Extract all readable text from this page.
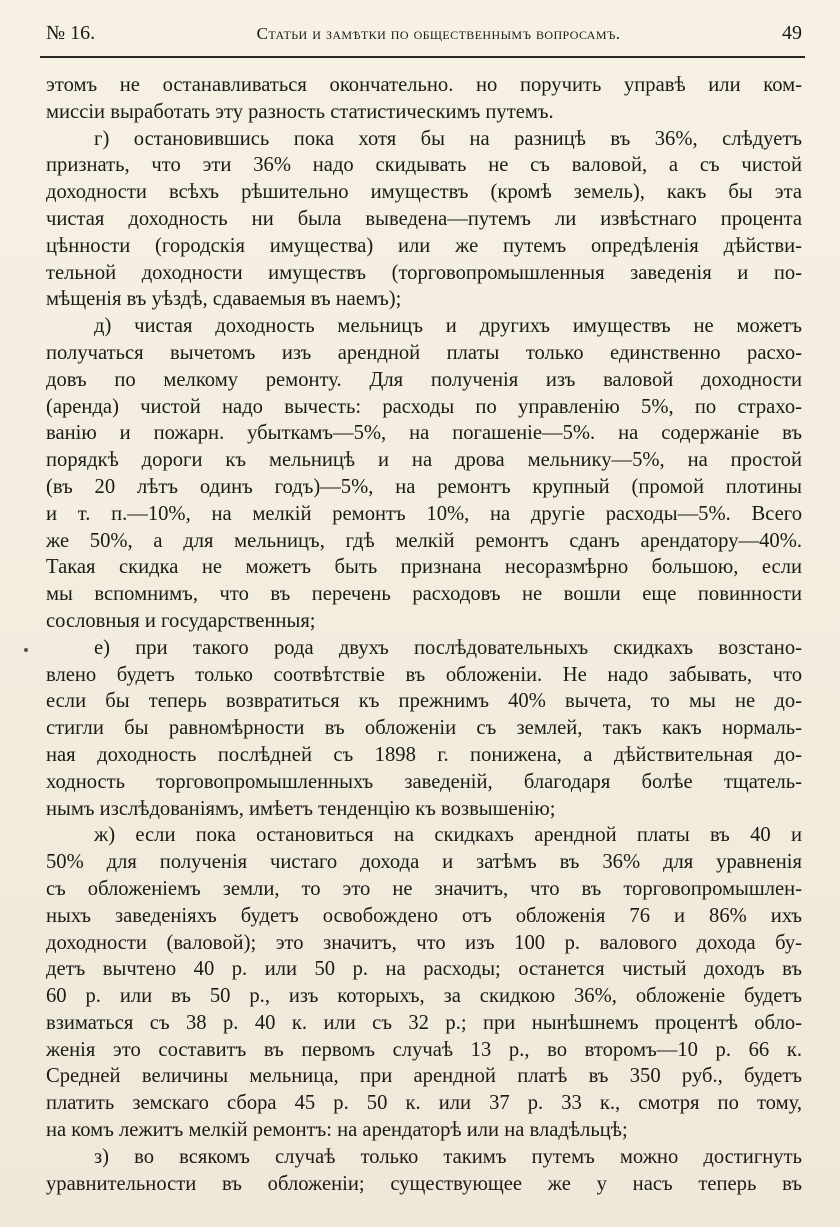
№ 16.	Статьи и замѣтки по общественнымъ вопросамъ.	49
этомъ не останавливаться окончательно. но поручить управѣ или ком-
миссіи выработать эту разность статистическимъ путемъ.
г) остановившись пока хотя бы на разницѣ въ 36%, слѣдуетъ
признать, что эти 36% надо скидывать не съ валовой, а съ чистой
доходности всѣхъ рѣшительно имуществъ (кромѣ земель), какъ бы эта
чистая доходность ни была выведена—путемъ ли извѣстнаго процента
цѣнности (городскія имущества) или же путемъ опредѣленія дѣйстви-
тельной доходности имуществъ (торговопромышленныя заведенія и по-
мѣщенія въ уѣздѣ, сдаваемыя въ наемъ);
д) чистая доходность мельницъ и другихъ имуществъ не можетъ
получаться вычетомъ изъ арендной платы только единственно расхо-
довъ по мелкому ремонту. Для полученія изъ валовой доходности
(аренда) чистой надо вычесть: расходы по управленію 5%, по страхо-
ванію и пожарн. убыткамъ—5%, на погашеніе—5%. на содержаніе въ
порядкѣ дороги къ мельницѣ и на дрова мельнику—5%, на простой
(въ 20 лѣтъ одинъ годъ)—5%, на ремонтъ крупный (промой плотины
и т. п.—10%, на мелкій ремонтъ 10%, на другіе расходы—5%. Всего
же 50%, а для мельницъ, гдѣ мелкій ремонтъ сданъ арендатору—40%.
Такая скидка не можетъ быть признана несоразмѣрно большою, если
мы вспомнимъ, что въ перечень расходовъ не вошли еще повинности
сословныя и государственныя;
е) при такого рода двухъ послѣдовательныхъ скидкахъ возстано-
влено будетъ только соотвѣтствіе въ обложеніи. Не надо забывать, что
если бы теперь возвратиться къ прежнимъ 40% вычета, то мы не до-
стигли бы равномѣрности въ обложеніи съ землей, такъ какъ нормаль-
ная доходность послѣдней съ 1898 г. понижена, а дѣйствительная до-
ходность торговопромышленныхъ заведеній, благодаря болѣе тщатель-
нымъ изслѣдованіямъ, имѣетъ тенденцію къ возвышенію;
ж) если пока остановиться на скидкахъ арендной платы въ 40 и
50% для полученія чистаго дохода и затѣмъ въ 36% для уравненія
съ обложеніемъ земли, то это не значитъ, что въ торговопромышлен-
ныхъ заведеніяхъ будетъ освобождено отъ обложенія 76 и 86% ихъ
доходности (валовой); это значитъ, что изъ 100 р. валового дохода бу-
детъ вычтено 40 р. или 50 р. на расходы; останется чистый доходъ въ
60 р. или въ 50 р., изъ которыхъ, за скидкою 36%, обложеніе будетъ
взиматься съ 38 р. 40 к. или съ 32 р.; при нынѣшнемъ процентѣ обло-
женія это составитъ въ первомъ случаѣ 13 р., во второмъ—10 р. 66 к.
Средней величины мельница, при арендной платѣ въ 350 руб., будетъ
платить земскаго сбора 45 р. 50 к. или 37 р. 33 к., смотря по тому,
на комъ лежитъ мелкій ремонтъ: на арендаторѣ или на владѣльцѣ;
з) во всякомъ случаѣ только такимъ путемъ можно достигнуть
уравнительности въ обложеніи; существующее же у насъ теперь въ
